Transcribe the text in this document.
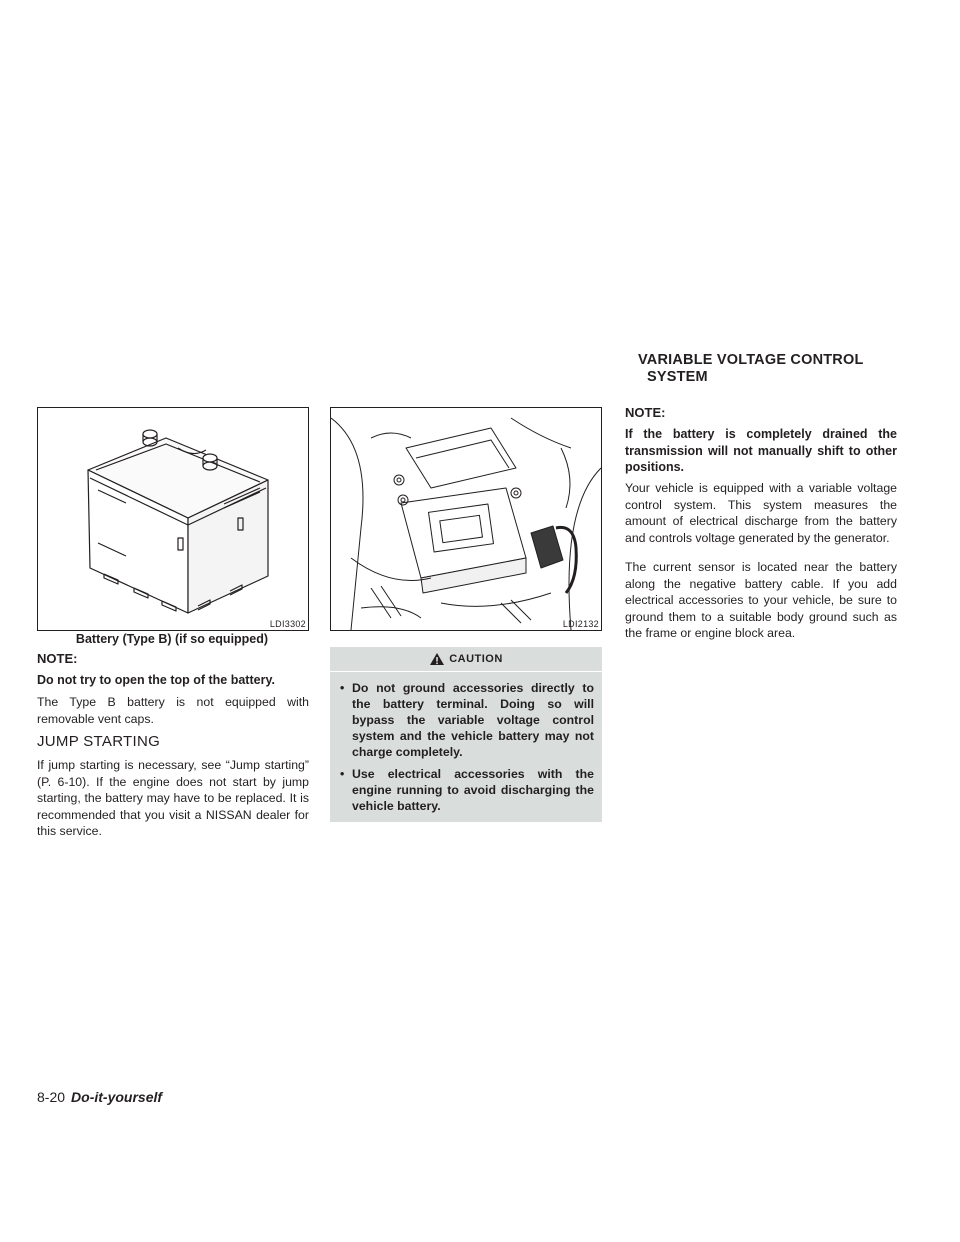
VARIABLE VOLTAGE CONTROL
SYSTEM
LDI3302
Battery (Type B) (if so equipped)
LDI2132
NOTE:
Do not try to open the top of the battery.
The Type B battery is not equipped with removable vent caps.
JUMP STARTING
If jump starting is necessary, see “Jump starting” (P. 6-10). If the engine does not start by jump starting, the battery may have to be replaced. It is recommended that you visit a NISSAN dealer for this service.
CAUTION
• Do not ground accessories directly to the battery terminal. Doing so will bypass the variable voltage control system and the vehicle battery may not charge completely.
• Use electrical accessories with the engine running to avoid discharging the vehicle battery.
NOTE:
If the battery is completely drained the transmission will not manually shift to other positions.
Your vehicle is equipped with a variable voltage control system. This system measures the amount of electrical discharge from the battery and controls voltage generated by the generator.
The current sensor is located near the battery along the negative battery cable. If you add electrical accessories to your vehicle, be sure to ground them to a suitable body ground such as the frame or engine block area.
8-20 Do-it-yourself
